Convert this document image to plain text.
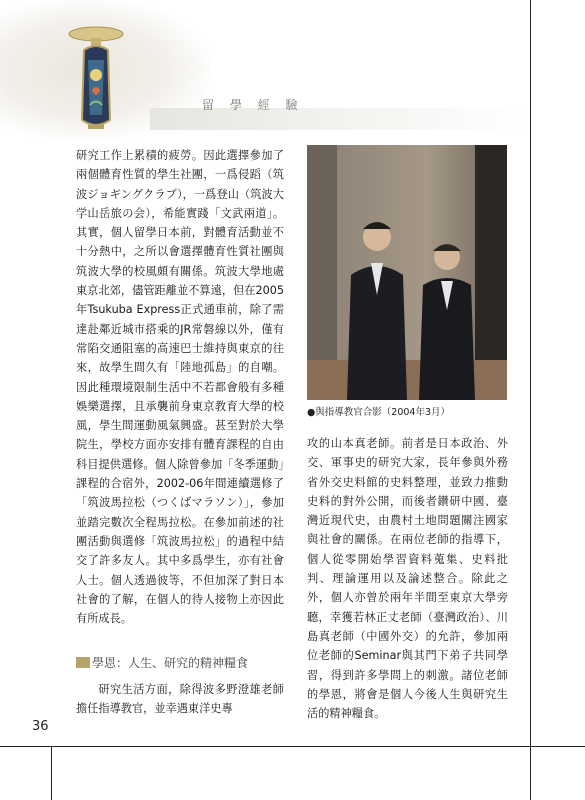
留 學 經 驗

研究工作上累積的疲勞。因此選擇參加了兩個體育性質的學生社團，一爲侵蹈（筑波ジョギングクラブ），一爲登山（筑波大学山岳旅の会），希能實踐「文武兩道」。其實，個人留學日本前，對體育活動並不十分熱中，之所以會選擇體育性質社團與筑波大學的校風頗有關係。筑波大學地處東京北郊，儘管距離並不算遠，但在2005年Tsukuba Express正式通車前，除了需達赴鄰近城市搭乘的JR常磐線以外，僅有常陷交通阻塞的高速巴士維持與東京的往來，故學生間久有「陸地孤島」的自嘲。因此種環境限制生活中不若都會般有多種娛樂選擇，且承襲前身東京教育大學的校風，學生間運動風氣興盛。甚至對於大學院生，學校方面亦安排有體育課程的自由科目提供選修。個人除曾參加「冬季運動」課程的合宿外，2002-06年間連續選修了「筑波馬拉松（つくばマラソン）」，參加並踏完數次全程馬拉松。在參加前述的社團活動與選修「筑波馬拉松」的過程中結交了許多友人。其中多爲學生，亦有社會人士。個人透過彼等，不但加深了對日本社會的了解，在個人的待人接物上亦因此有所成長。

學恩：人生、研究的精神糧食

研究生活方面，除得波多野澄雄老師擔任指導教官，並幸遇東洋史專

●與指導教官合影（2004年3月）

攻的山本真老師。前者是日本政治、外交、軍事史的研究大家，長年參與外務省外交史料館的史料整理，並致力推動史料的對外公開，而後者鑽研中國、臺灣近現代史，由農村土地問題關注國家與社會的關係。在兩位老師的指導下，個人從零開始學習資料蒐集、史料批判、理論運用以及論述整合。除此之外，個人亦曾於兩年半間至東京大學旁聽，幸獲若林正丈老師（臺灣政治）、川島真老師（中國外交）的允許，參加兩位老師的Seminar與其門下弟子共同學習，得到許多學問上的刺激。諸位老師的學恩，將會是個人今後人生與研究生活的精神糧食。

36
